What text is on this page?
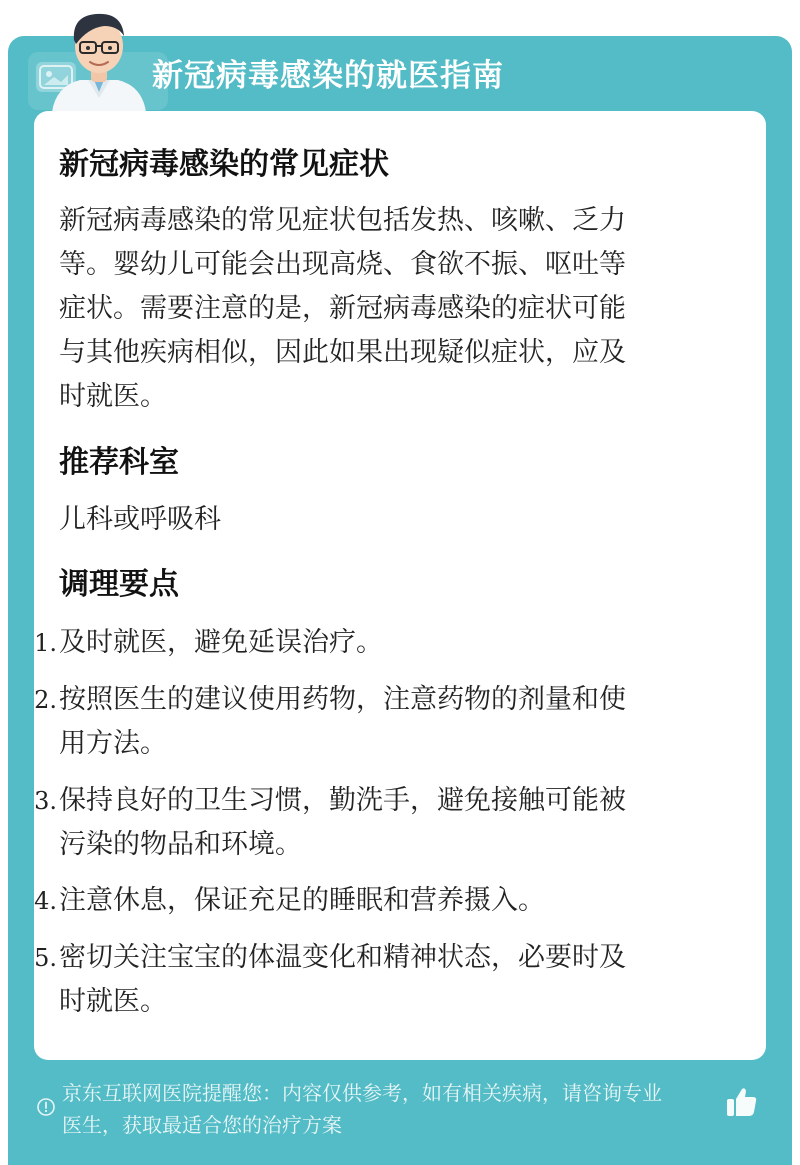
新冠病毒感染的就医指南
新冠病毒感染的常见症状
新冠病毒感染的常见症状包括发热、咳嗽、乏力
等。婴幼儿可能会出现高烧、食欲不振、呕吐等
症状。需要注意的是，新冠病毒感染的症状可能
与其他疾病相似，因此如果出现疑似症状，应及
时就医。
推荐科室
儿科或呼吸科
调理要点
1. 及时就医，避免延误治疗。
2. 按照医生的建议使用药物，注意药物的剂量和使
用方法。
3. 保持良好的卫生习惯，勤洗手，避免接触可能被
污染的物品和环境。
4. 注意休息，保证充足的睡眠和营养摄入。
5. 密切关注宝宝的体温变化和精神状态，必要时及
时就医。
京东互联网医院提醒您：内容仅供参考，如有相关疾病，请咨询专业
医生，获取最适合您的治疗方案
